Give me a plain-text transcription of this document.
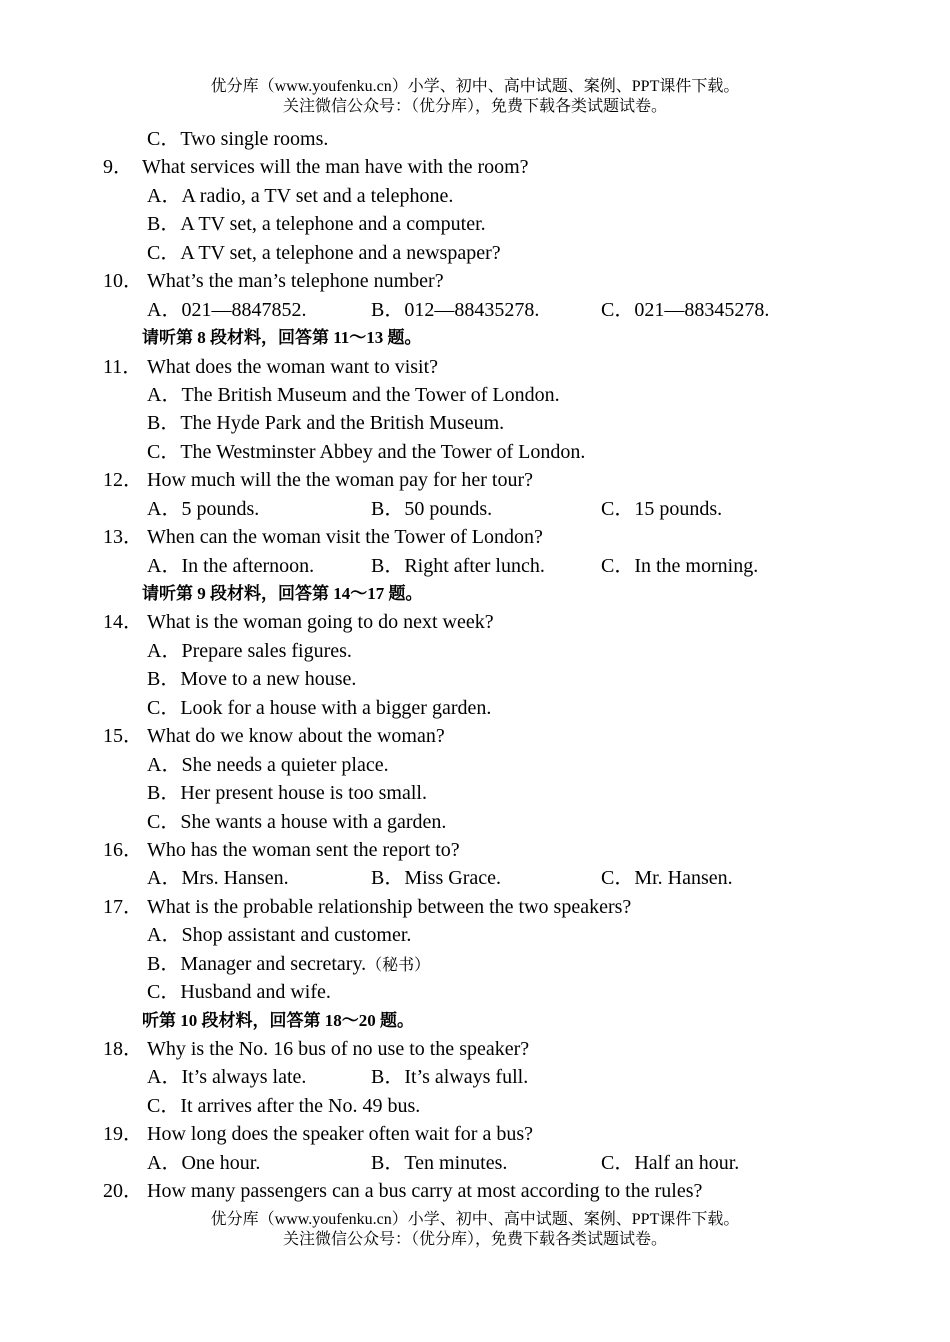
优分库（www.youfenku.cn）小学、初中、高中试题、案例、PPT课件下载。
关注微信公众号：（优分库），免费下载各类试题试卷。
C．Two single rooms.
9． What services will the man have with the room?
A．A radio, a TV set and a telephone.
B．A TV set, a telephone and a computer.
C．A TV set, a telephone and a newspaper?
10． What’s the man’s telephone number?
A．021—8847852.	B．012—88435278.	C．021—88345278.
请听第 8 段材料，回答第 11～13 题。
11． What does the woman want to visit?
A．The British Museum and the Tower of London.
B．The Hyde Park and the British Museum.
C．The Westminster Abbey and the Tower of London.
12． How much will the the woman pay for her tour?
A．5 pounds.	B．50 pounds.	C．15 pounds.
13． When can the woman visit the Tower of London?
A．In the afternoon.	B．Right after lunch.	C．In the morning.
请听第 9 段材料，回答第 14～17 题。
14． What is the woman going to do next week?
A．Prepare sales figures.
B．Move to a new house.
C．Look for a house with a bigger garden.
15． What do we know about the woman?
A．She needs a quieter place.
B．Her present house is too small.
C．She wants a house with a garden.
16． Who has the woman sent the report to?
A．Mrs. Hansen.	B．Miss Grace.	C．Mr. Hansen.
17． What is the probable relationship between the two speakers?
A．Shop assistant and customer.
B．Manager and secretary.（秘书）
C．Husband and wife.
听第 10 段材料，回答第 18～20 题。
18． Why is the No. 16 bus of no use to the speaker?
A．It’s always late.	B．It’s always full.
C．It arrives after the No. 49 bus.
19． How long does the speaker often wait for a bus?
A．One hour.	B．Ten minutes.	C．Half an hour.
20． How many passengers can a bus carry at most according to the rules?
优分库（www.youfenku.cn）小学、初中、高中试题、案例、PPT课件下载。
关注微信公众号：（优分库），免费下载各类试题试卷。
